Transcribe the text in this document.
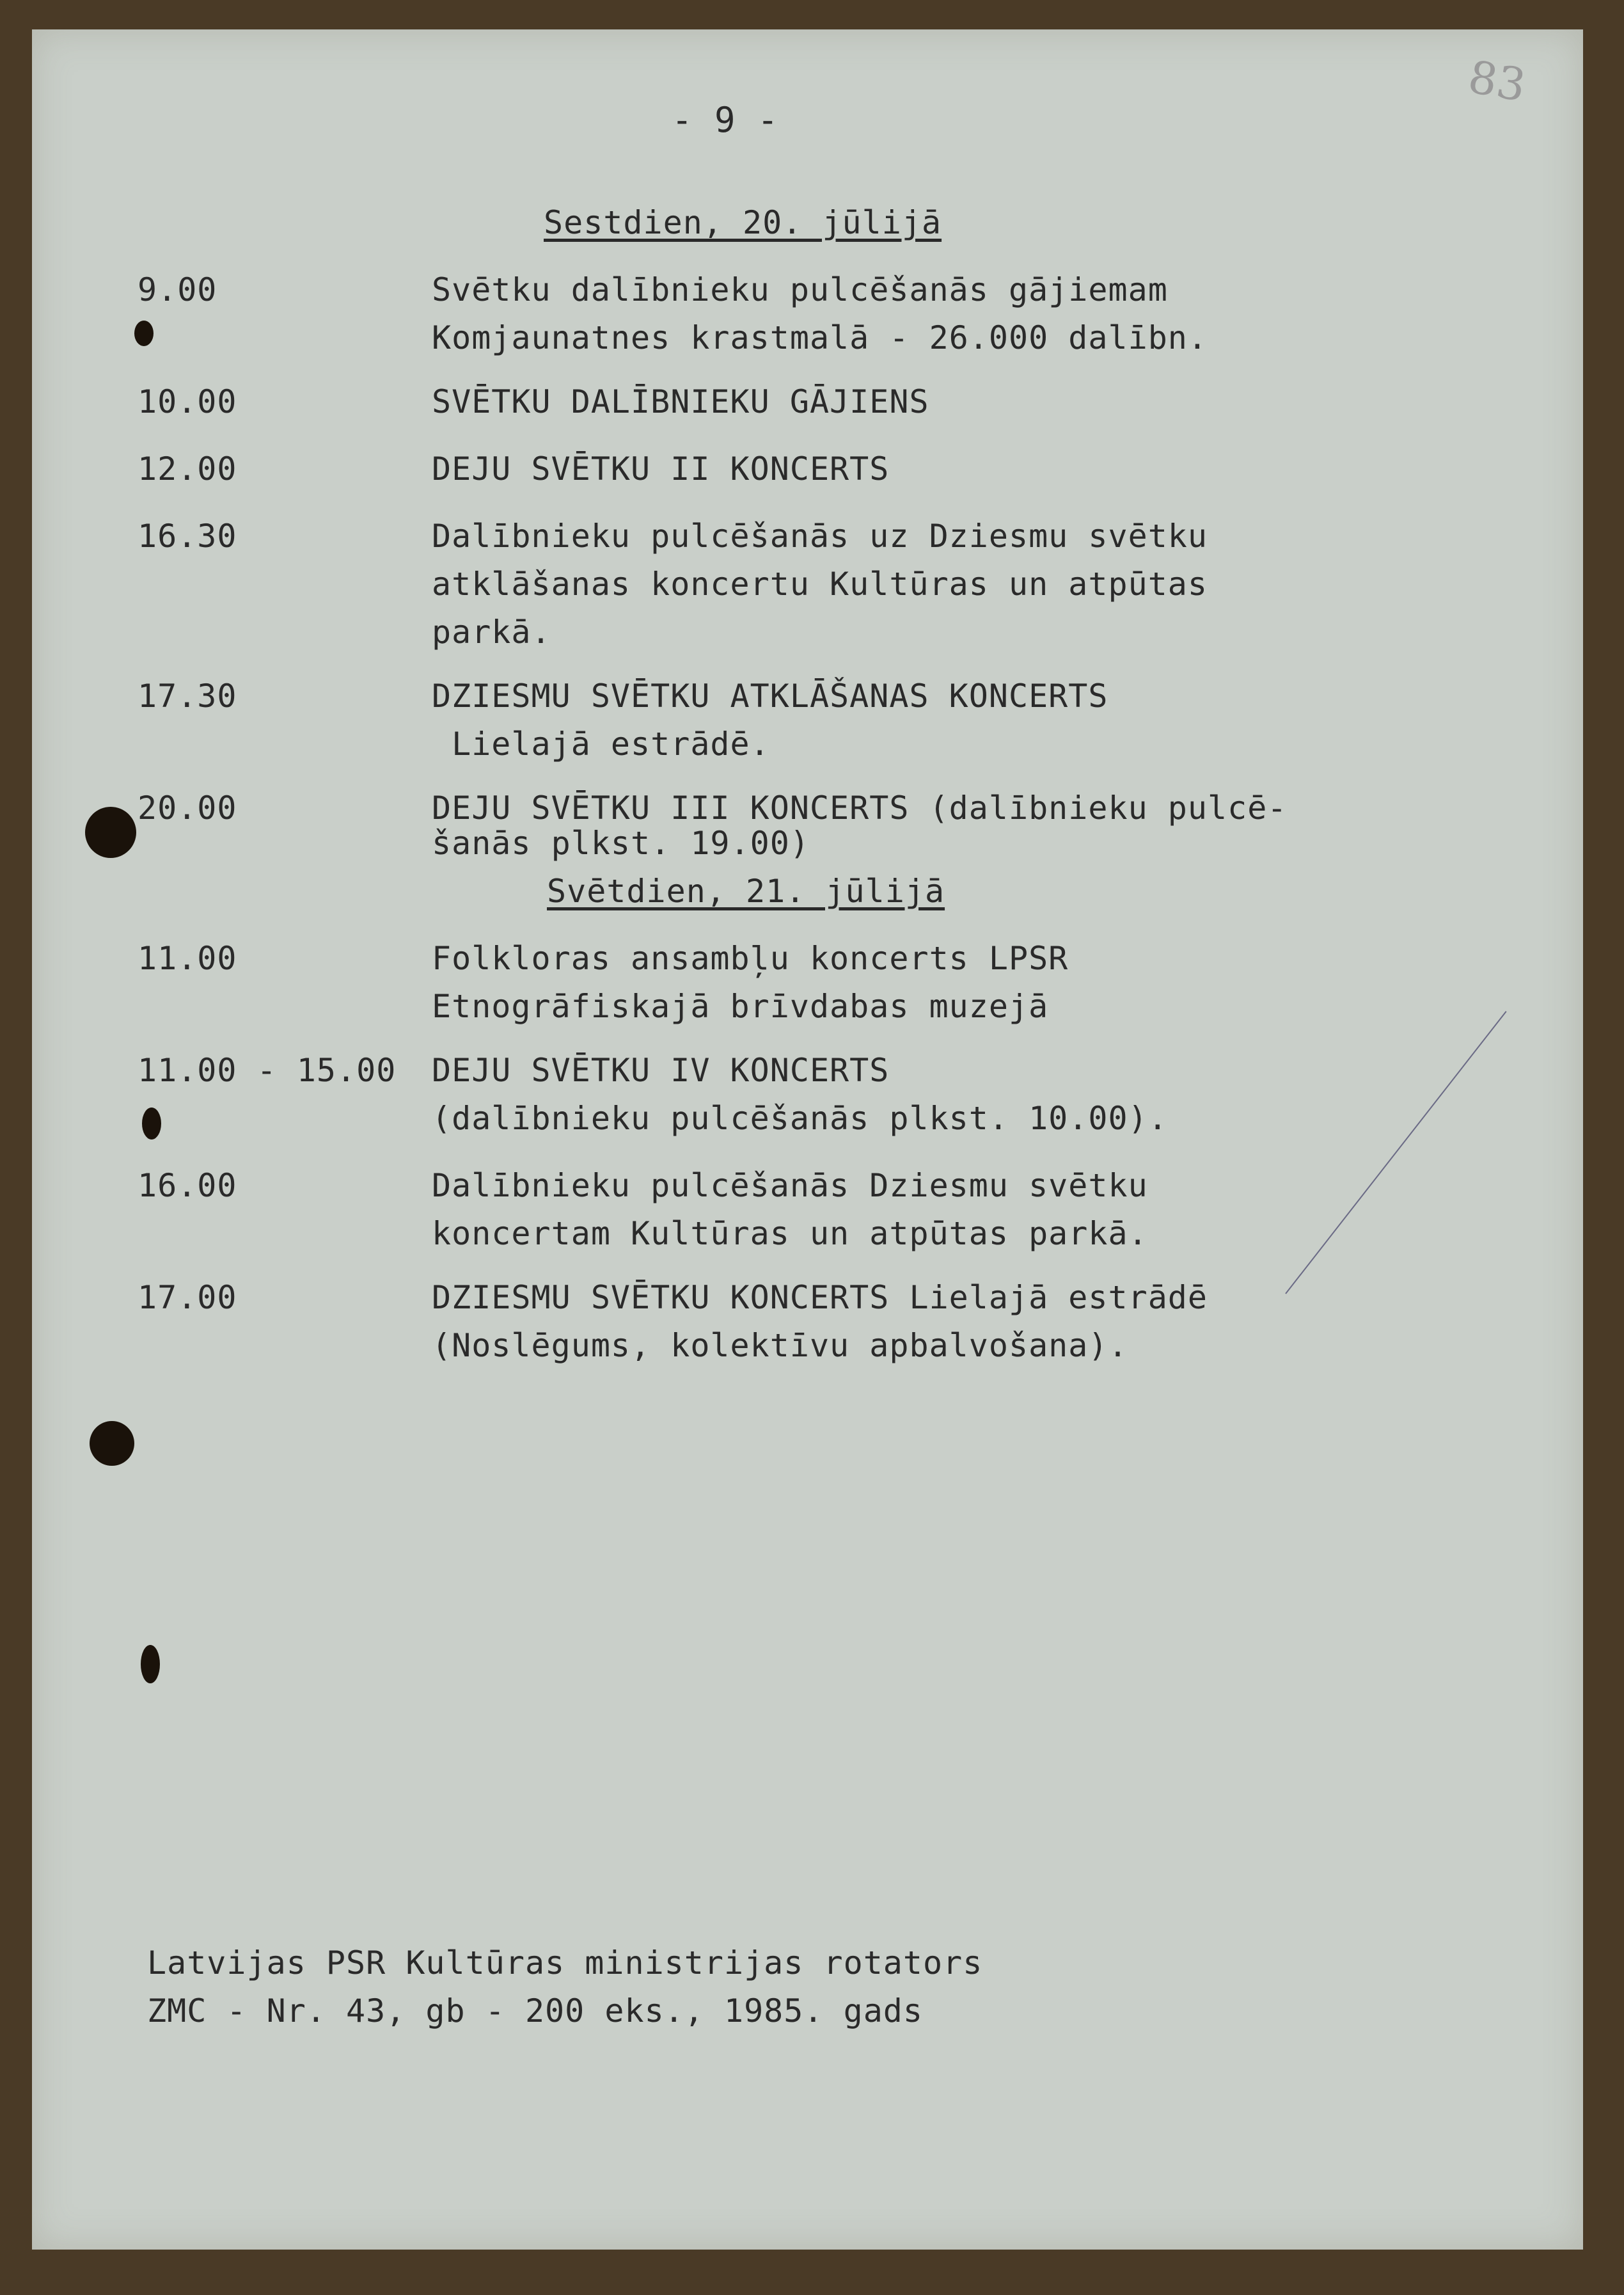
83
- 9 -
Sestdien, 20. jūlijā
9.00	Svētku dalībnieku pulcēšanās gājiemam
Komjaunatnes krastmalā - 26.000 dalībn.
10.00	SVĒTKU DALĪBNIEKU GĀJIENS
12.00	DEJU SVĒTKU II KONCERTS
16.30	Dalībnieku pulcēšanās uz Dziesmu svētku
atklāšanas koncertu Kultūras un atpūtas
parkā.
17.30	DZIESMU SVĒTKU ATKLĀŠANAS KONCERTS
Lielajā estrādē.
20.00	DEJU SVĒTKU III KONCERTS (dalībnieku pulcē-
šanās plkst. 19.00)
Svētdien, 21. jūlijā
11.00	Folkloras ansambļu koncerts LPSR
Etnogrāfiskajā brīvdabas muzejā
11.00 - 15.00 DEJU SVĒTKU IV KONCERTS
(dalībnieku pulcēšanās plkst. 10.00).
16.00	Dalībnieku pulcēšanās Dziesmu svētku
koncertam Kultūras un atpūtas parkā.
17.00	DZIESMU SVĒTKU KONCERTS Lielajā estrādē
(Noslēgums, kolektīvu apbalvošana).
Latvijas PSR Kultūras ministrijas rotators
ZMC - Nr. 43, gb - 200 eks., 1985. gads
